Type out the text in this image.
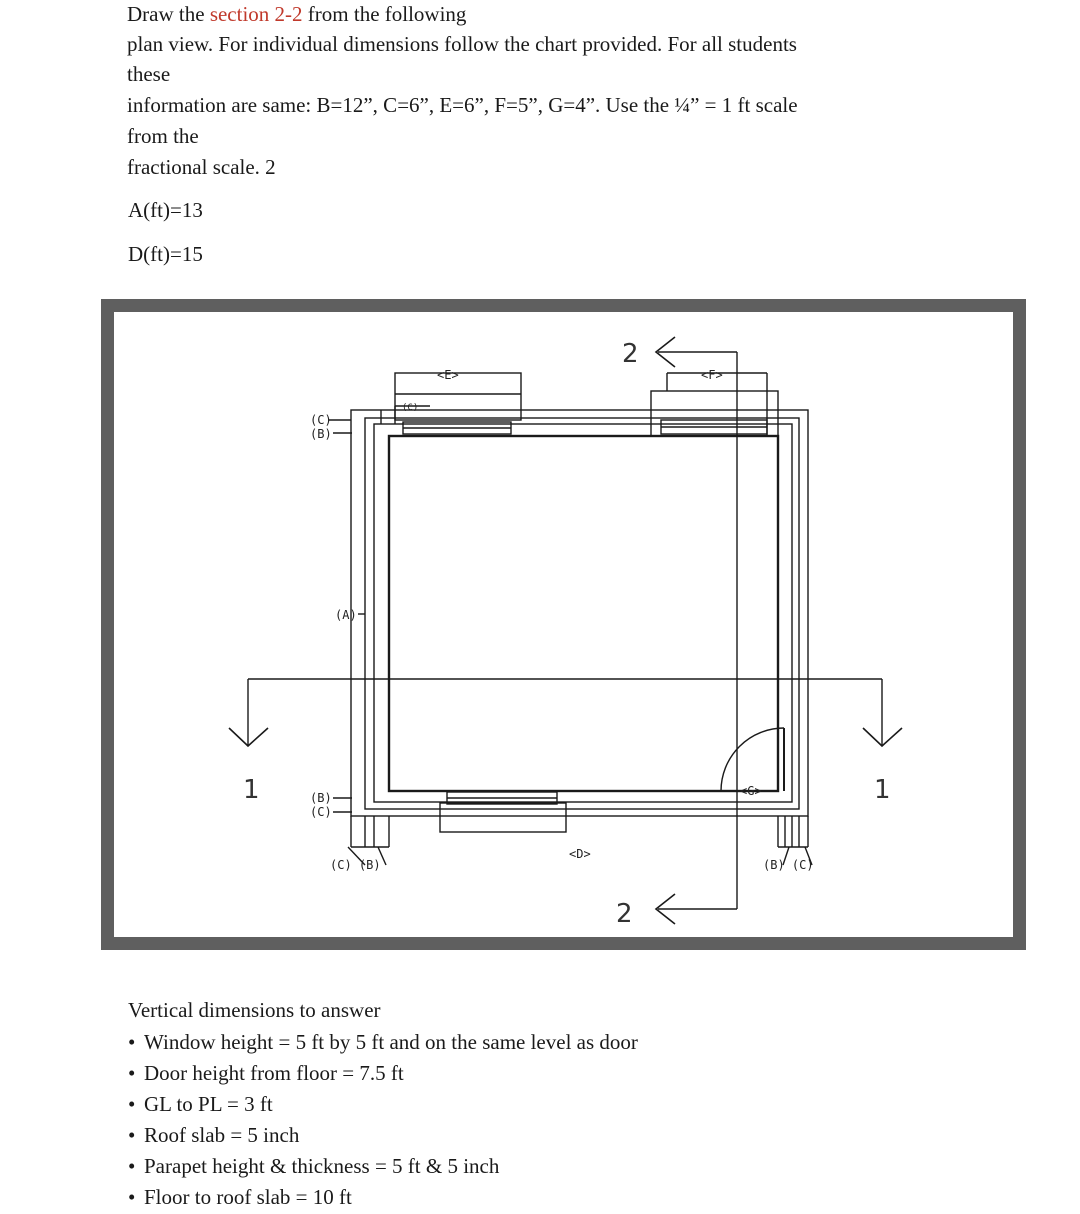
Draw the section 2-2 from the following
plan view. For individual dimensions follow the chart provided. For all students
these
information are same: B=12”, C=6”, E=6”, F=5”, G=4”. Use the ¼” = 1 ft scale
from the
fractional scale. 2
A(ft)=13
D(ft)=15
<E>	<F>
(C)
(B)
(C)
(A)
(B)
(C)
<G>
(C) (B)
<D>
(B) (C)
1	1
2
2
Vertical dimensions to answer
• Window height = 5 ft by 5 ft and on the same level as door
• Door height from floor = 7.5 ft
• GL to PL = 3 ft
• Roof slab = 5 inch
• Parapet height & thickness = 5 ft & 5 inch
• Floor to roof slab = 10 ft
